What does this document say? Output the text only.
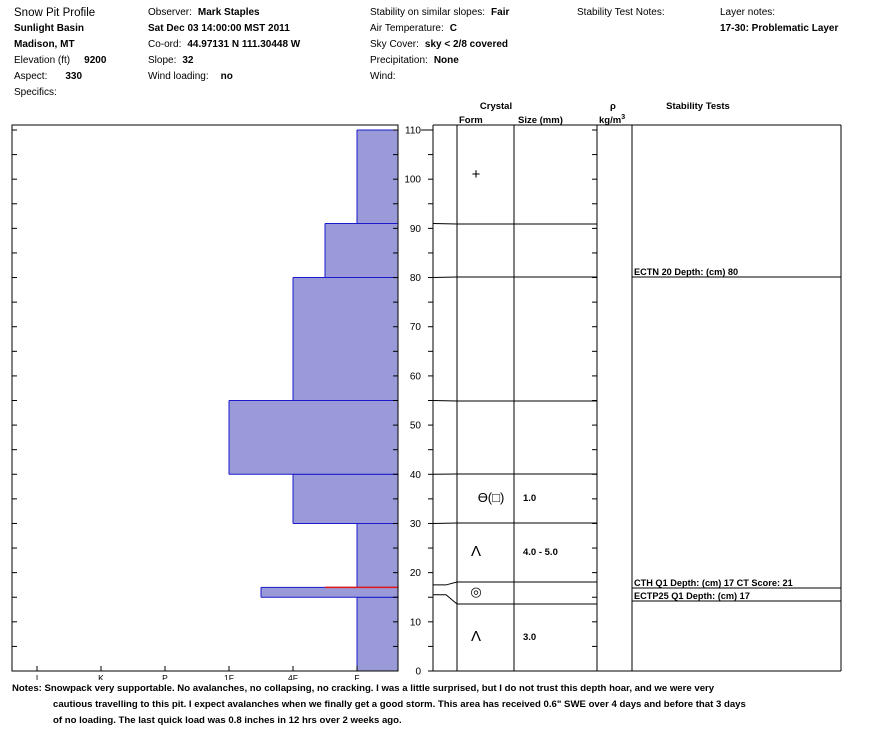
Snow Pit Profile
Sunlight Basin
Madison, MT
Elevation (ft) 9200
Aspect: 330
Specifics:
Observer: Mark Staples
Sat Dec 03 14:00:00 MST 2011
Co-ord: 44.97131 N 111.30448 W
Slope: 32
Wind loading: no
Stability on similar slopes: Fair
Air Temperature: C
Sky Cover: sky < 2/8 covered
Precipitation: None
Wind:
Stability Test Notes:	Layer notes:
17-30: Problematic Layer
0
10
20
30
40
50
60
70
80
90
100
110
I	K	P	1F	4F	F
ECTN 20 Depth: (cm) 80
CTH Q1 Depth: (cm) 17 CT Score: 21
ECTP25 Q1 Depth: (cm) 17
+
ϴ(□) 1.0
Λ	4.0 - 5.0
◎
Λ	3.0
Crystal
Form	Size (mm)
ρ
$kg/m^3$
Stability Tests
Notes: Snowpack very supportable. No avalanches, no collapsing, no cracking. I was a little surprised, but I do not trust this depth hoar, and we were very
cautious travelling to this pit. I expect avalanches when we finally get a good storm. This area has received 0.6" SWE over 4 days and before that 3 days
of no loading. The last quick load was 0.8 inches in 12 hrs over 2 weeks ago.
